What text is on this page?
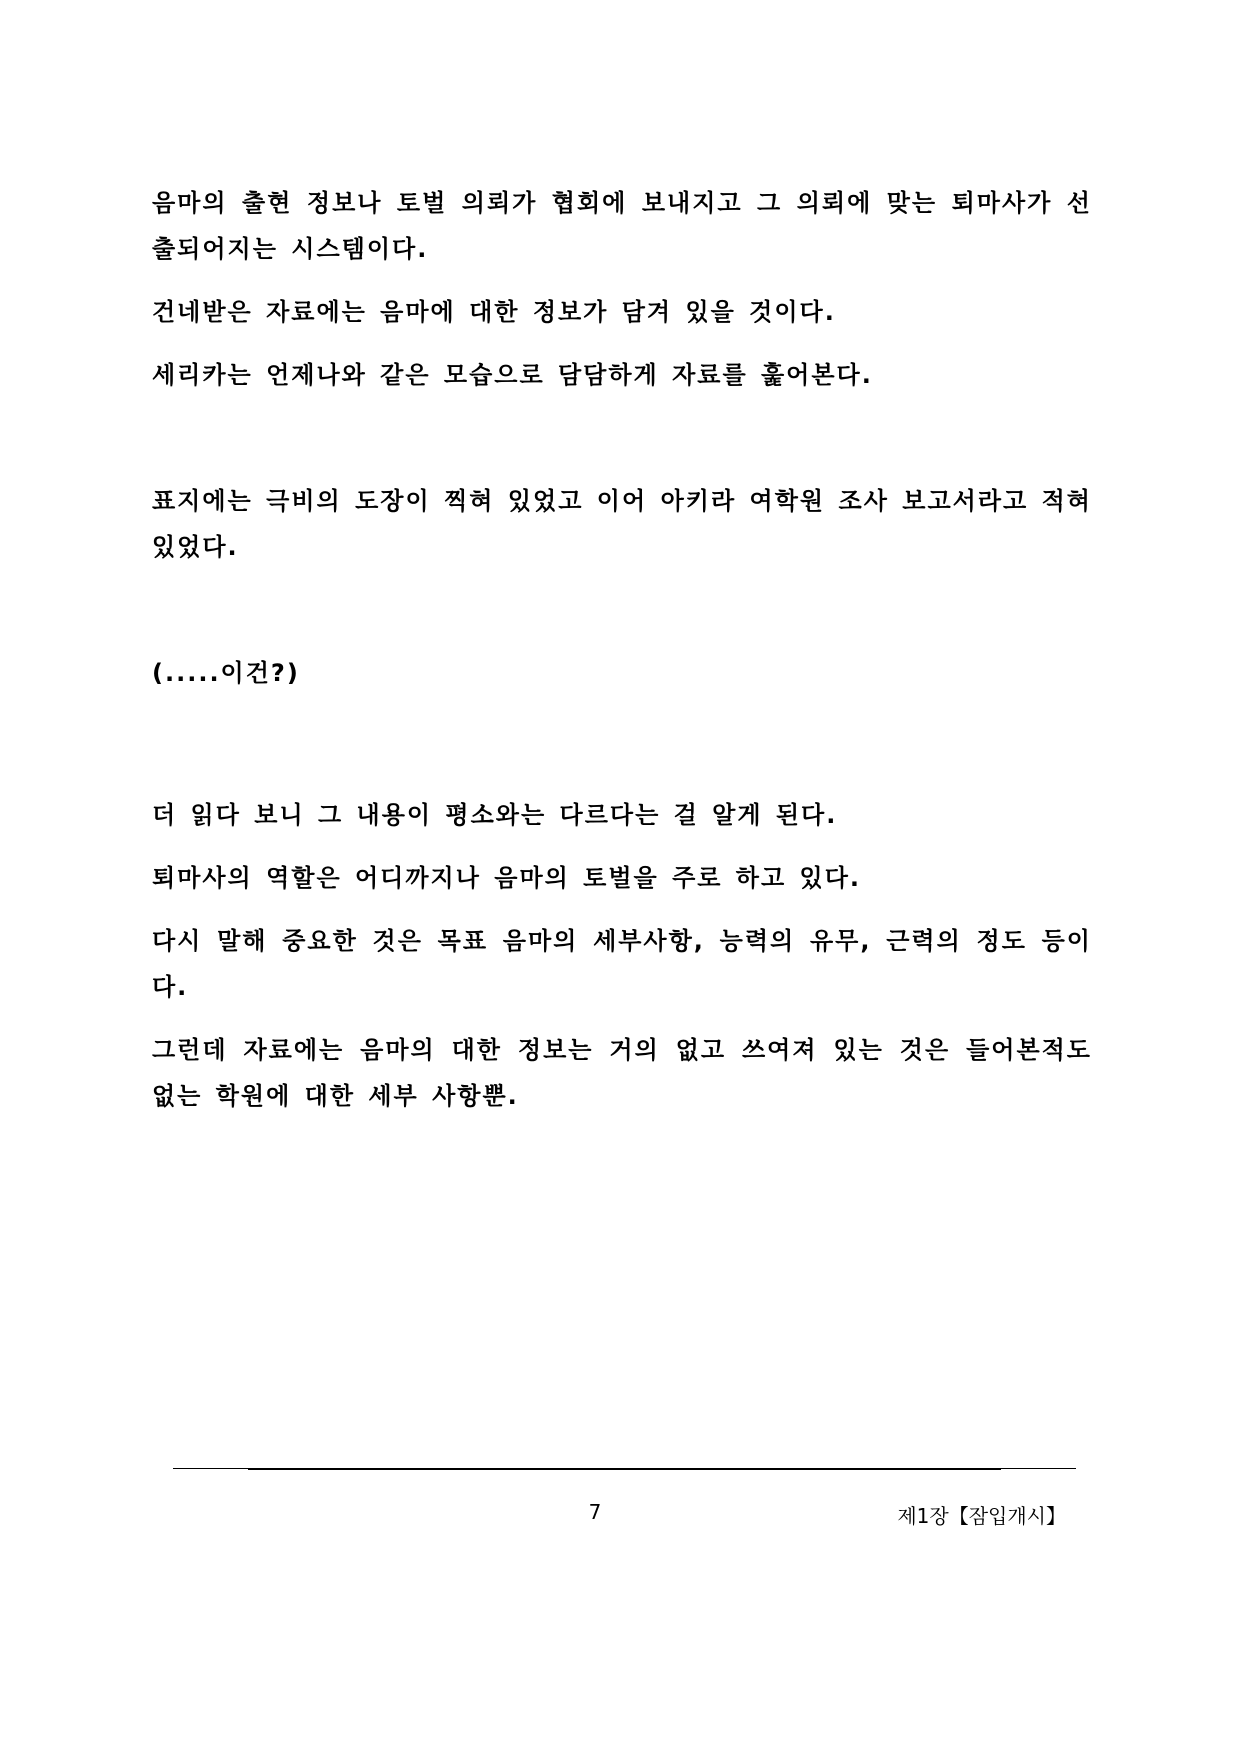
음마의 출현 정보나 토벌 의뢰가 협회에 보내지고 그 의뢰에 맞는 퇴마사가 선출되어지는 시스템이다.

건네받은 자료에는 음마에 대한 정보가 담겨 있을 것이다.

세리카는 언제나와 같은 모습으로 담담하게 자료를 훑어본다.

표지에는 극비의 도장이 찍혀 있었고 이어 아키라 여학원 조사 보고서라고 적혀있었다.

(.....이건?)

더 읽다 보니 그 내용이 평소와는 다르다는 걸 알게 된다.

퇴마사의 역할은 어디까지나 음마의 토벌을 주로 하고 있다.

다시 말해 중요한 것은 목표 음마의 세부사항, 능력의 유무, 근력의 정도 등이다.

그런데 자료에는 음마의 대한 정보는 거의 없고 쓰여져 있는 것은 들어본적도 없는 학원에 대한 세부 사항뿐.

7	제1장【잠입개시】
